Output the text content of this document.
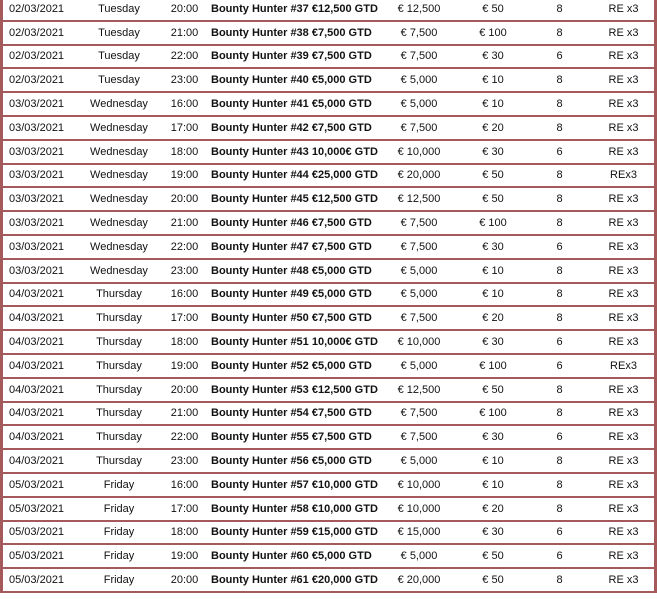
02/03/2021	Tuesday	20:00	Bounty Hunter #37 €12,500 GTD	€ 12,500	€ 50	8	RE x3
02/03/2021	Tuesday	21:00	Bounty Hunter #38 €7,500 GTD	€ 7,500	€ 100	8	RE x3
02/03/2021	Tuesday	22:00	Bounty Hunter #39 €7,500 GTD	€ 7,500	€ 30	6	RE x3
02/03/2021	Tuesday	23:00	Bounty Hunter #40 €5,000 GTD	€ 5,000	€ 10	8	RE x3
03/03/2021	Wednesday	16:00	Bounty Hunter #41 €5,000 GTD	€ 5,000	€ 10	8	RE x3
03/03/2021	Wednesday	17:00	Bounty Hunter #42 €7,500 GTD	€ 7,500	€ 20	8	RE x3
03/03/2021	Wednesday	18:00	Bounty Hunter #43 10,000€ GTD	€ 10,000	€ 30	6	RE x3
03/03/2021	Wednesday	19:00	Bounty Hunter #44 €25,000 GTD	€ 20,000	€ 50	8	REx3
03/03/2021	Wednesday	20:00	Bounty Hunter #45 €12,500 GTD	€ 12,500	€ 50	8	RE x3
03/03/2021	Wednesday	21:00	Bounty Hunter #46 €7,500 GTD	€ 7,500	€ 100	8	RE x3
03/03/2021	Wednesday	22:00	Bounty Hunter #47 €7,500 GTD	€ 7,500	€ 30	6	RE x3
03/03/2021	Wednesday	23:00	Bounty Hunter #48 €5,000 GTD	€ 5,000	€ 10	8	RE x3
04/03/2021	Thursday	16:00	Bounty Hunter #49 €5,000 GTD	€ 5,000	€ 10	8	RE x3
04/03/2021	Thursday	17:00	Bounty Hunter #50 €7,500 GTD	€ 7,500	€ 20	8	RE x3
04/03/2021	Thursday	18:00	Bounty Hunter #51 10,000€ GTD	€ 10,000	€ 30	6	RE x3
04/03/2021	Thursday	19:00	Bounty Hunter #52 €5,000 GTD	€ 5,000	€ 100	6	REx3
04/03/2021	Thursday	20:00	Bounty Hunter #53 €12,500 GTD	€ 12,500	€ 50	8	RE x3
04/03/2021	Thursday	21:00	Bounty Hunter #54 €7,500 GTD	€ 7,500	€ 100	8	RE x3
04/03/2021	Thursday	22:00	Bounty Hunter #55 €7,500 GTD	€ 7,500	€ 30	6	RE x3
04/03/2021	Thursday	23:00	Bounty Hunter #56 €5,000 GTD	€ 5,000	€ 10	8	RE x3
05/03/2021	Friday	16:00	Bounty Hunter #57 €10,000 GTD	€ 10,000	€ 10	8	RE x3
05/03/2021	Friday	17:00	Bounty Hunter #58 €10,000 GTD	€ 10,000	€ 20	8	RE x3
05/03/2021	Friday	18:00	Bounty Hunter #59 €15,000 GTD	€ 15,000	€ 30	6	RE x3
05/03/2021	Friday	19:00	Bounty Hunter #60 €5,000 GTD	€ 5,000	€ 50	6	RE x3
05/03/2021	Friday	20:00	Bounty Hunter #61 €20,000 GTD	€ 20,000	€ 50	8	RE x3
